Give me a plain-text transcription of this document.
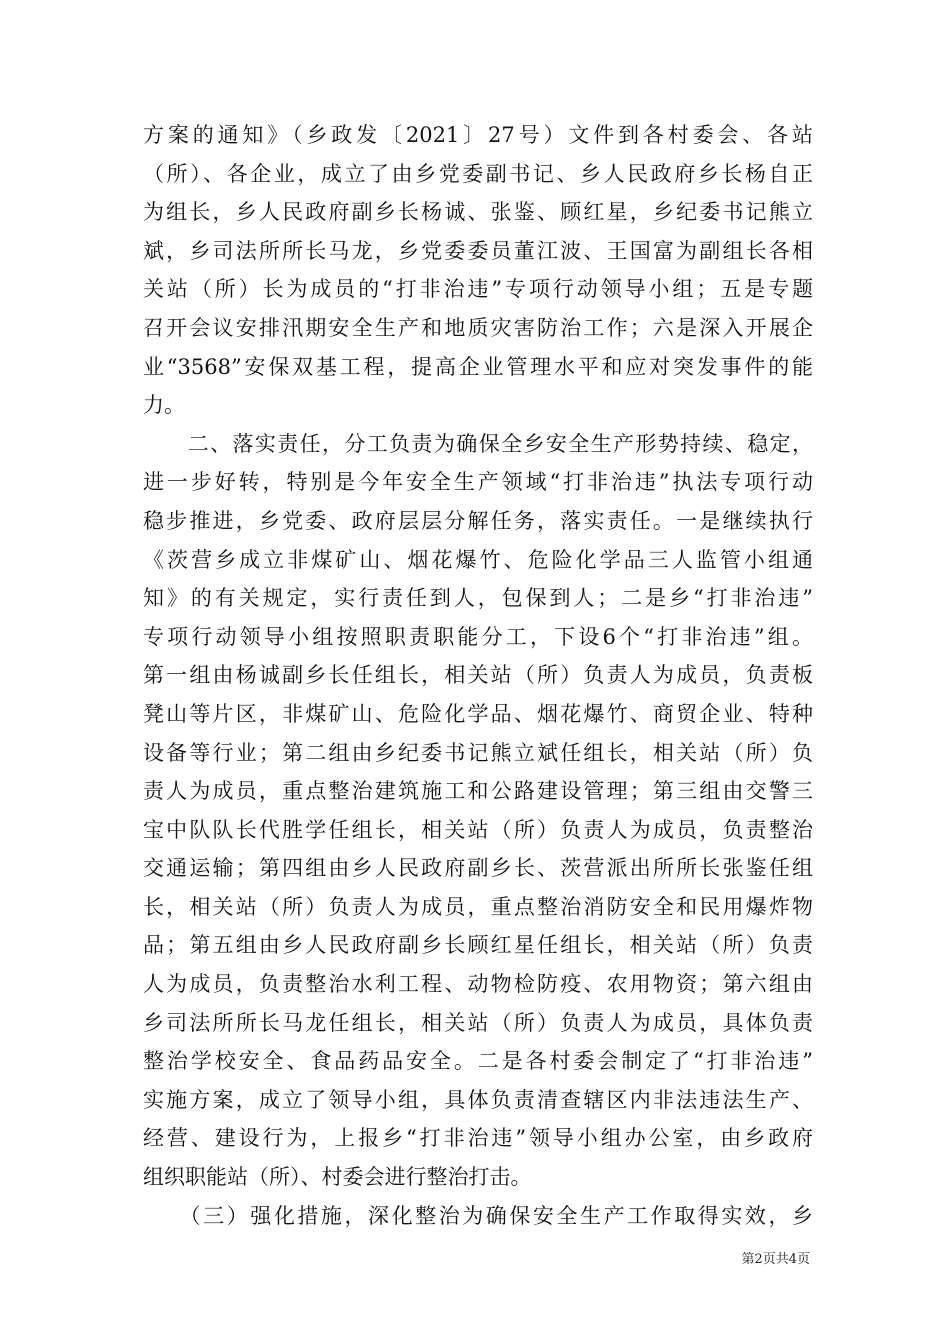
方案的通知》（乡政发〔2021〕27号）文件到各村委会、各站
（所）、各企业，成立了由乡党委副书记、乡人民政府乡长杨自正
为组长，乡人民政府副乡长杨诚、张鉴、顾红星，乡纪委书记熊立
斌，乡司法所所长马龙，乡党委委员董江波、王国富为副组长各相
关站（所）长为成员的“打非治违”专项行动领导小组；五是专题
召开会议安排汛期安全生产和地质灾害防治工作；六是深入开展企
业“3568”安保双基工程，提高企业管理水平和应对突发事件的能
力。
　　二、落实责任，分工负责为确保全乡安全生产形势持续、稳定，
进一步好转，特别是今年安全生产领域“打非治违”执法专项行动
稳步推进，乡党委、政府层层分解任务，落实责任。一是继续执行
《茨营乡成立非煤矿山、烟花爆竹、危险化学品三人监管小组通
知》的有关规定，实行责任到人，包保到人；二是乡“打非治违”
专项行动领导小组按照职责职能分工，下设6个“打非治违”组。
第一组由杨诚副乡长任组长，相关站（所）负责人为成员，负责板
凳山等片区，非煤矿山、危险化学品、烟花爆竹、商贸企业、特种
设备等行业；第二组由乡纪委书记熊立斌任组长，相关站（所）负
责人为成员，重点整治建筑施工和公路建设管理；第三组由交警三
宝中队队长代胜学任组长，相关站（所）负责人为成员，负责整治
交通运输；第四组由乡人民政府副乡长、茨营派出所所长张鉴任组
长，相关站（所）负责人为成员，重点整治消防安全和民用爆炸物
品；第五组由乡人民政府副乡长顾红星任组长，相关站（所）负责
人为成员，负责整治水利工程、动物检防疫、农用物资；第六组由
乡司法所所长马龙任组长，相关站（所）负责人为成员，具体负责
整治学校安全、食品药品安全。二是各村委会制定了“打非治违”
实施方案，成立了领导小组，具体负责清查辖区内非法违法生产、
经营、建设行为，上报乡“打非治违”领导小组办公室，由乡政府
组织职能站（所）、村委会进行整治打击。
　　（三）强化措施，深化整治为确保安全生产工作取得实效，乡
第2页共4页
